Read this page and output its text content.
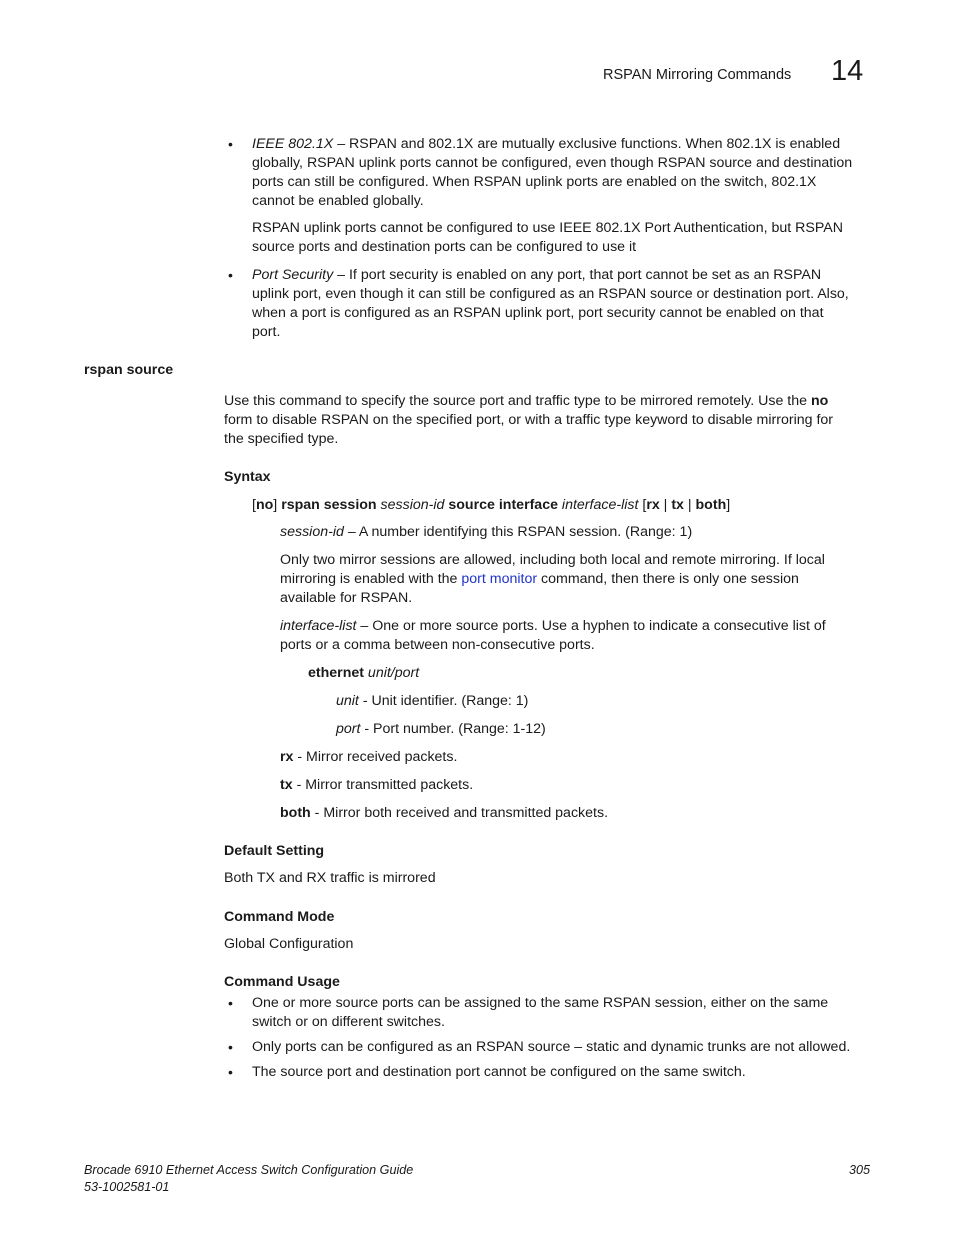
RSPAN Mirroring Commands 14
• IEEE 802.1X – RSPAN and 802.1X are mutually exclusive functions. When 802.1X is enabled

globally, RSPAN uplink ports cannot be configured, even though RSPAN source and destination

ports can still be configured. When RSPAN uplink ports are enabled on the switch, 802.1X

cannot be enabled globally.

RSPAN uplink ports cannot be configured to use IEEE 802.1X Port Authentication, but RSPAN

source ports and destination ports can be configured to use it

• Port Security – If port security is enabled on any port, that port cannot be set as an RSPAN

uplink port, even though it can still be configured as an RSPAN source or destination port. Also,

when a port is configured as an RSPAN uplink port, port security cannot be enabled on that

port.

rspan source

Use this command to specify the source port and traffic type to be mirrored remotely. Use the no

form to disable RSPAN on the specified port, or with a traffic type keyword to disable mirroring for

the specified type.

Syntax
[no] rspan session session-id source interface interface-list [rx | tx | both]
session-id – A number identifying this RSPAN session. (Range: 1)

Only two mirror sessions are allowed, including both local and remote mirroring. If local

mirroring is enabled with the port monitor command, then there is only one session

available for RSPAN.

interface-list – One or more source ports. Use a hyphen to indicate a consecutive list of

ports or a comma between non-consecutive ports.

ethernet unit/port
unit - Unit identifier. (Range: 1)
port - Port number. (Range: 1-12)
rx - Mirror received packets.
tx - Mirror transmitted packets.
both - Mirror both received and transmitted packets.
Default Setting
Both TX and RX traffic is mirrored
Command Mode
Global Configuration
Command Usage
• One or more source ports can be assigned to the same RSPAN session, either on the same

switch or on different switches.

• Only ports can be configured as an RSPAN source – static and dynamic trunks are not allowed.
• The source port and destination port cannot be configured on the same switch.

Brocade 6910 Ethernet Access Switch Configuration Guide

53-1002581-01

305
